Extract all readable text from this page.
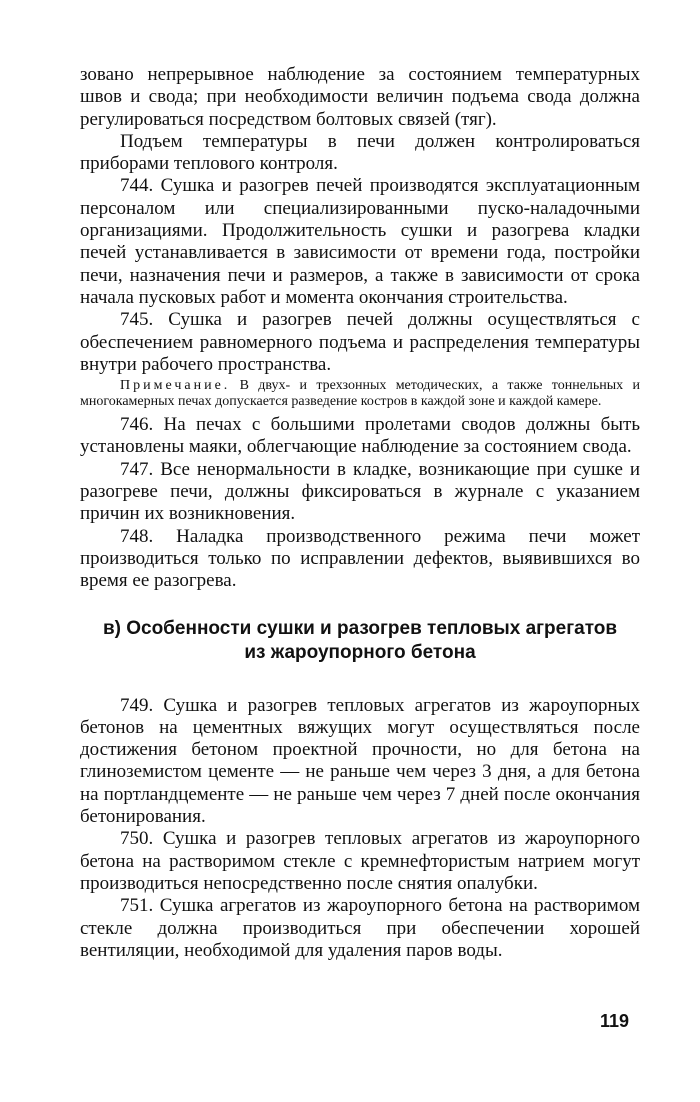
зовано непрерывное наблюдение за состоянием температурных швов и свода; при необходимости величин подъема свода должна регулироваться посредством болтовых связей (тяг).

Подъем температуры в печи должен контролироваться приборами теплового контроля.

744. Сушка и разогрев печей производятся эксплуатационным персоналом или специализированными пуско-наладочными организациями. Продолжительность сушки и разогрева кладки печей устанавливается в зависимости от времени года, постройки печи, назначения печи и размеров, а также в зависимости от срока начала пусковых работ и момента окончания строительства.

745. Сушка и разогрев печей должны осуществляться с обеспечением равномерного подъема и распределения температуры внутри рабочего пространства.

Примечание. В двух- и трехзонных методических, а также тоннельных и многокамерных печах допускается разведение костров в каждой зоне и каждой камере.

746. На печах с большими пролетами сводов должны быть установлены маяки, облегчающие наблюдение за состоянием свода.

747. Все ненормальности в кладке, возникающие при сушке и разогреве печи, должны фиксироваться в журнале с указанием причин их возникновения.

748. Наладка производственного режима печи может производиться только по исправлении дефектов, выявившихся во время ее разогрева.

в) Особенности сушки и разогрев тепловых агрегатов
из жароупорного бетона

749. Сушка и разогрев тепловых агрегатов из жароупорных бетонов на цементных вяжущих могут осуществляться после достижения бетоном проектной прочности, но для бетона на глиноземистом цементе — не раньше чем через 3 дня, а для бетона на портландцементе — не раньше чем через 7 дней после окончания бетонирования.

750. Сушка и разогрев тепловых агрегатов из жароупорного бетона на растворимом стекле с кремнефтористым натрием могут производиться непосредственно после снятия опалубки.

751. Сушка агрегатов из жароупорного бетона на растворимом стекле должна производиться при обеспечении хорошей вентиляции, необходимой для удаления паров воды.

119
